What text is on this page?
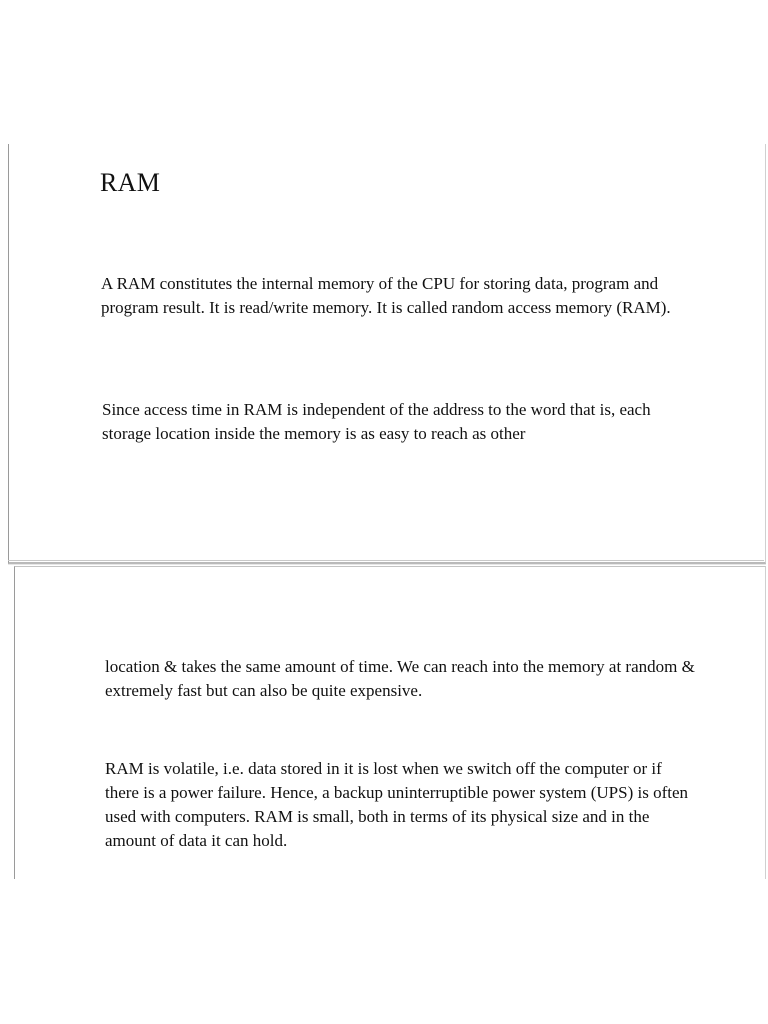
RAM

A RAM constitutes the internal memory of the CPU for storing data, program and program result. It is read/write memory. It is called random access memory (RAM).

Since access time in RAM is independent of the address to the word that is, each storage location inside the memory is as easy to reach as other

location & takes the same amount of time. We can reach into the memory at random & extremely fast but can also be quite expensive.

RAM is volatile, i.e. data stored in it is lost when we switch off the computer or if there is a power failure. Hence, a backup uninterruptible power system (UPS) is often used with computers. RAM is small, both in terms of its physical size and in the amount of data it can hold.
